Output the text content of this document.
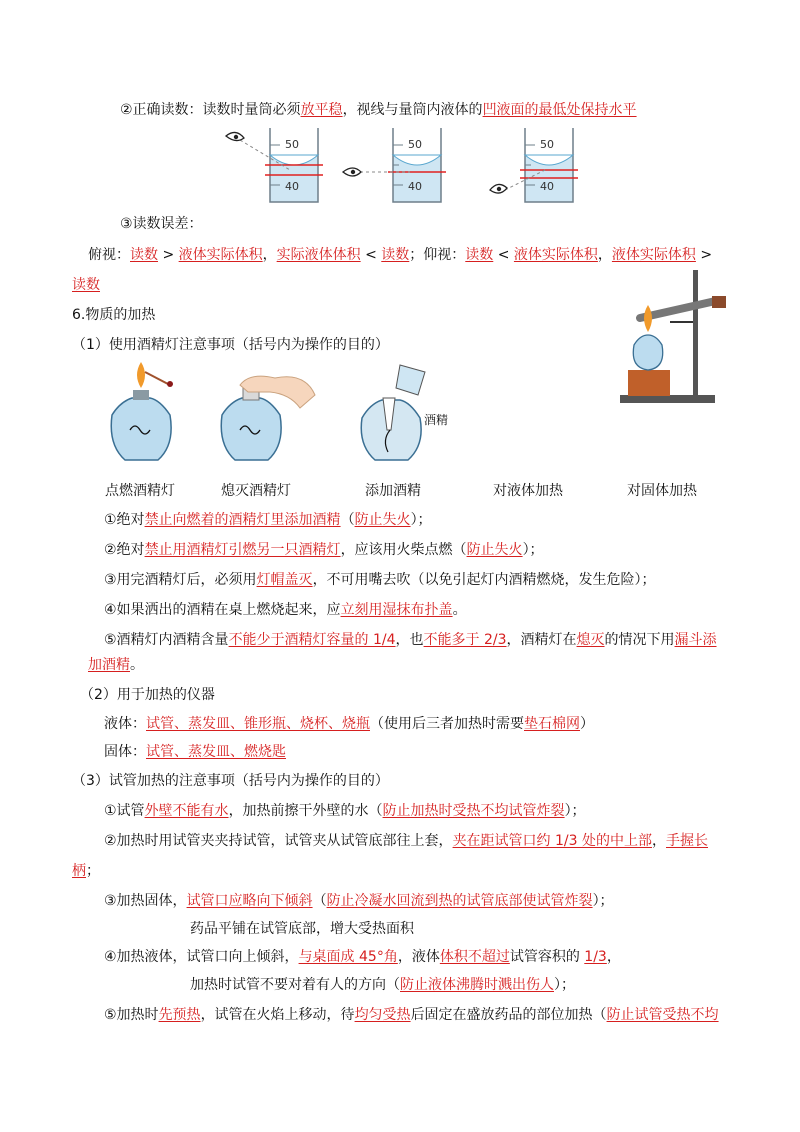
②正确读数：读数时量筒必须放平稳，视线与量筒内液体的凹液面的最低处保持水平
50
40
50
40
50
40
③读数误差：
俯视：读数 > 液体实际体积，实际液体体积 < 读数；仰视：读数 < 液体实际体积，液体实际体积 >
读数
6.物质的加热
（1）使用酒精灯注意事项（括号内为操作的目的）
酒精
点燃酒精灯	熄灭酒精灯	添加酒精	对液体加热	对固体加热
①绝对禁止向燃着的酒精灯里添加酒精（防止失火）；
②绝对禁止用酒精灯引燃另一只酒精灯，应该用火柴点燃（防止失火）；
③用完酒精灯后，必须用灯帽盖灭，不可用嘴去吹（以免引起灯内酒精燃烧，发生危险）；
④如果洒出的酒精在桌上燃烧起来，应立刻用湿抹布扑盖。
⑤酒精灯内酒精含量不能少于酒精灯容量的 1/4，也不能多于 2/3，酒精灯在熄灭的情况下用漏斗添
加酒精。
（2）用于加热的仪器
液体：试管、蒸发皿、锥形瓶、烧杯、烧瓶（使用后三者加热时需要垫石棉网）
固体：试管、蒸发皿、燃烧匙
（3）试管加热的注意事项（括号内为操作的目的）
①试管外壁不能有水，加热前擦干外壁的水（防止加热时受热不均试管炸裂）；
②加热时用试管夹夹持试管，试管夹从试管底部往上套，夹在距试管口约 1/3 处的中上部，手握长
柄；
③加热固体，试管口应略向下倾斜（防止冷凝水回流到热的试管底部使试管炸裂）；
药品平铺在试管底部，增大受热面积
④加热液体，试管口向上倾斜，与桌面成 45°角，液体体积不超过试管容积的 1/3，
加热时试管不要对着有人的方向（防止液体沸腾时溅出伤人）；
⑤加热时先预热，试管在火焰上移动，待均匀受热后固定在盛放药品的部位加热（防止试管受热不均
